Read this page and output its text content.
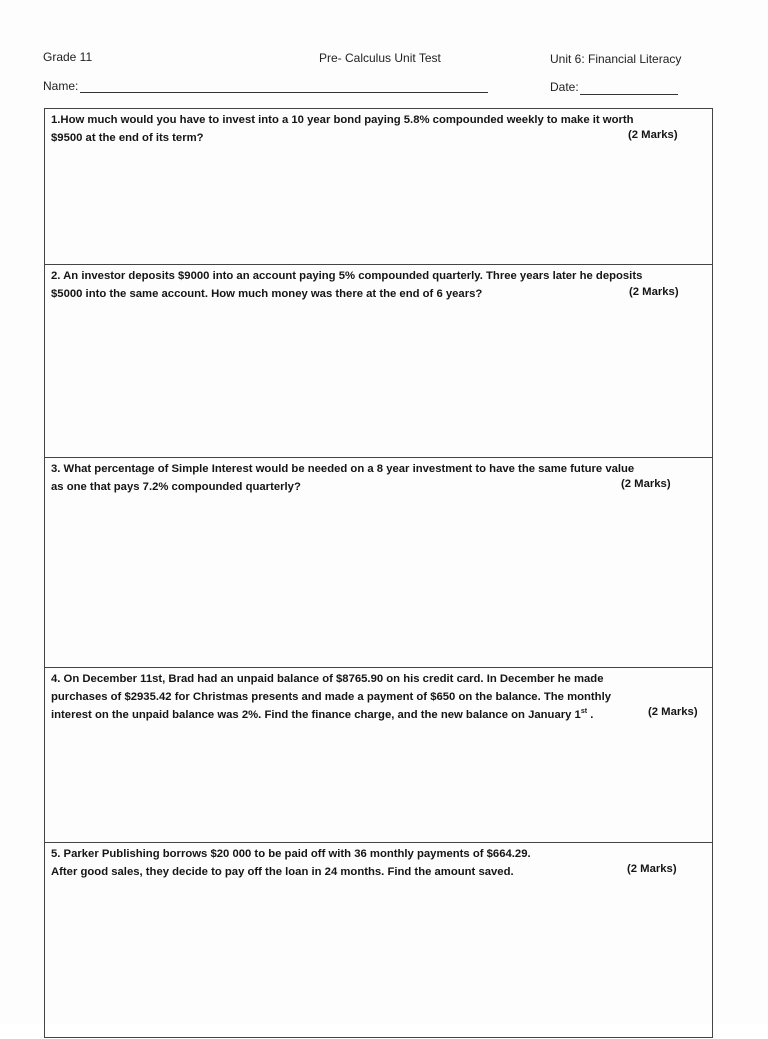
Grade 11	Pre- Calculus Unit Test	Unit 6: Financial Literacy
Name:	Date:
1.How much would you have to invest into a 10 year bond paying 5.8% compounded weekly to make it worth
$9500 at the end of its term?	(2 Marks)
2. An investor deposits $9000 into an account paying 5% compounded quarterly. Three years later he deposits
$5000 into the same account. How much money was there at the end of 6 years?	(2 Marks)
3. What percentage of Simple Interest would be needed on a 8 year investment to have the same future value
as one that pays 7.2% compounded quarterly?	(2 Marks)
4. On December 11st, Brad had an unpaid balance of $8765.90 on his credit card. In December he made
purchases of $2935.42 for Christmas presents and made a payment of $650 on the balance. The monthly
interest on the unpaid balance was 2%. Find the finance charge, and the new balance on January 1st .	(2 Marks)
5. Parker Publishing borrows $20 000 to be paid off with 36 monthly payments of $664.29.
After good sales, they decide to pay off the loan in 24 months. Find the amount saved.	(2 Marks)
